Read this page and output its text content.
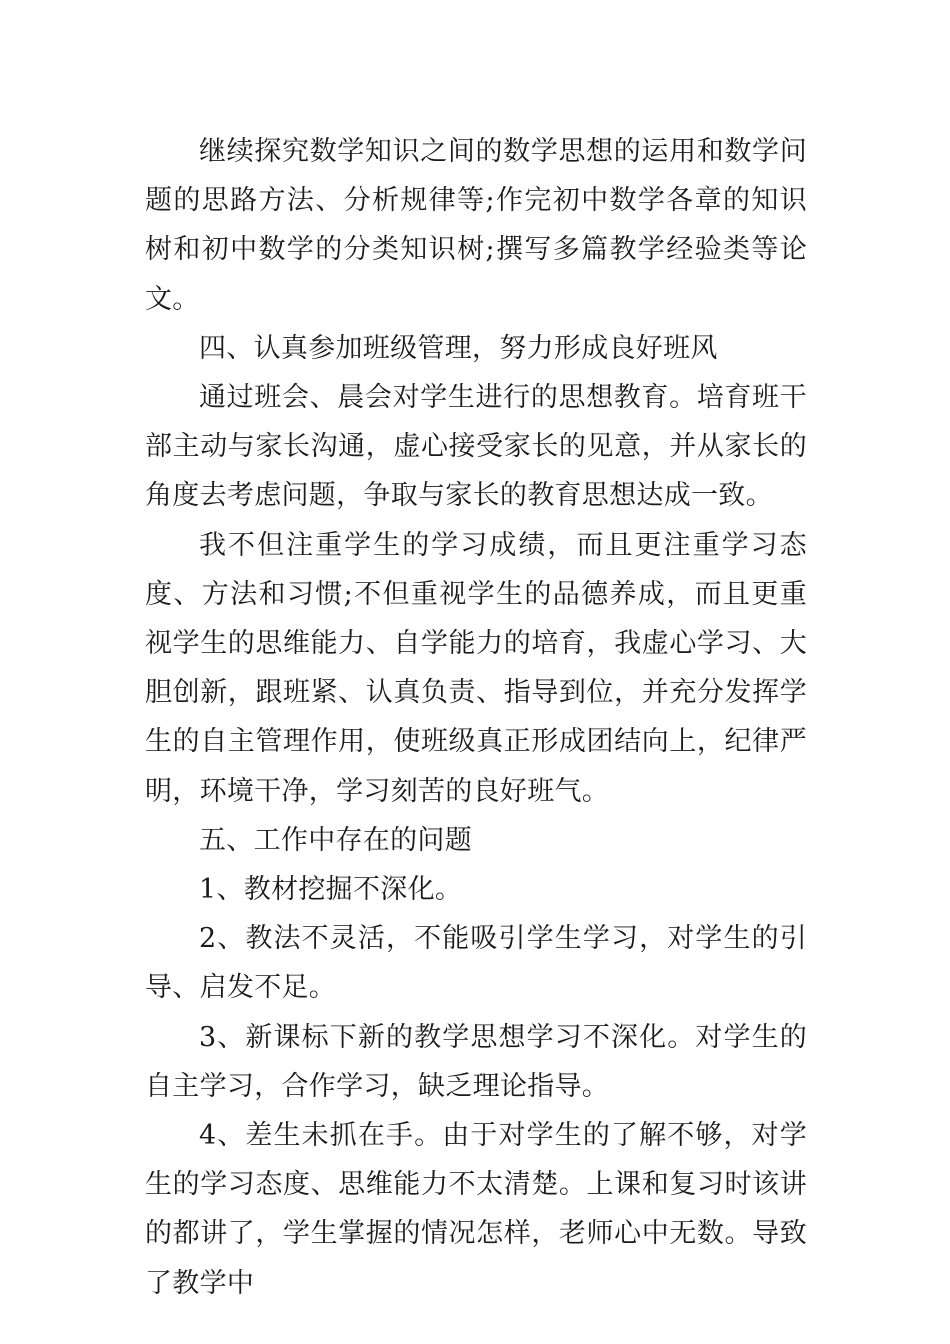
继续探究数学知识之间的数学思想的运用和数学问题的思路方法、分析规律等;作完初中数学各章的知识树和初中数学的分类知识树;撰写多篇教学经验类等论文。

四、认真参加班级管理，努力形成良好班风

通过班会、晨会对学生进行的思想教育。培育班干部主动与家长沟通，虚心接受家长的见意，并从家长的角度去考虑问题，争取与家长的教育思想达成一致。

我不但注重学生的学习成绩，而且更注重学习态度、方法和习惯;不但重视学生的品德养成，而且更重视学生的思维能力、自学能力的培育，我虚心学习、大胆创新，跟班紧、认真负责、指导到位，并充分发挥学生的自主管理作用，使班级真正形成团结向上，纪律严明，环境干净，学习刻苦的良好班气。

五、工作中存在的问题

1、教材挖掘不深化。

2、教法不灵活，不能吸引学生学习，对学生的引导、启发不足。

3、新课标下新的教学思想学习不深化。对学生的自主学习，合作学习，缺乏理论指导。

4、差生未抓在手。由于对学生的了解不够，对学生的学习态度、思维能力不太清楚。上课和复习时该讲的都讲了，学生掌握的情况怎样，老师心中无数。导致了教学中
